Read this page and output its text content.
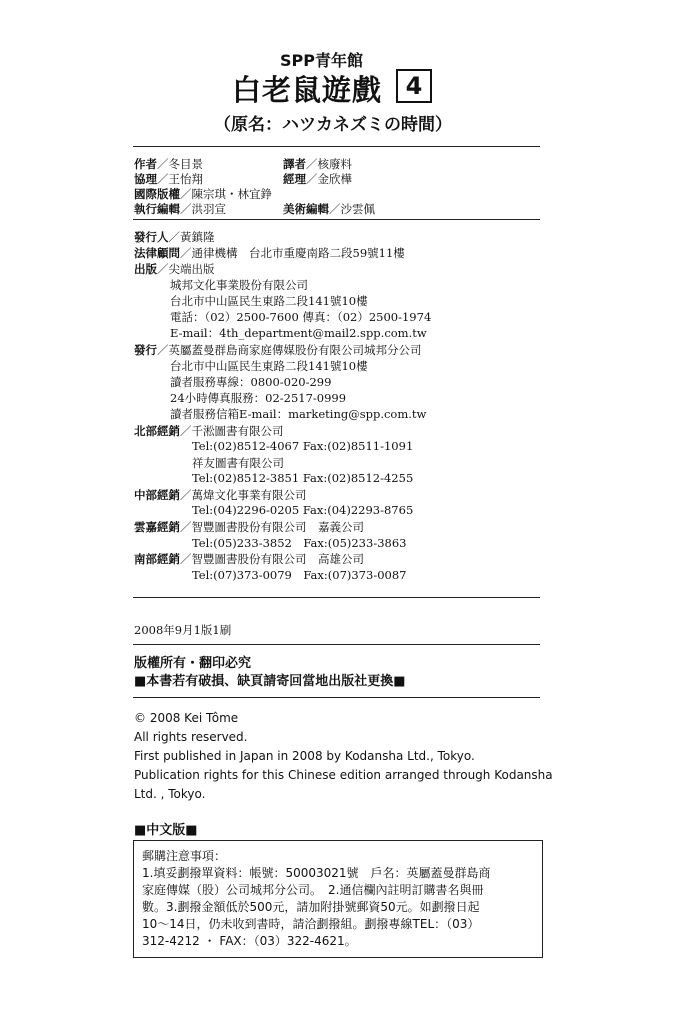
SPP青年館
白老鼠遊戲 4
（原名：ハツカネズミの時間）
作者／冬目景	譯者／核廢料
協理／王怡翔	經理／金欣樺
國際版權／陳宗琪・林宜錚
執行編輯／洪羽宣	美術編輯／沙雲佩
發行人／黃鎮隆
法律顧問／通律機構　台北市重慶南路二段59號11樓
出版／尖端出版
城邦文化事業股份有限公司
台北市中山區民生東路二段141號10樓
電話：（02）2500-7600 傳真：（02）2500-1974
E-mail：4th_department@mail2.spp.com.tw
發行／英屬蓋曼群島商家庭傳媒股份有限公司城邦分公司
台北市中山區民生東路二段141號10樓
讀者服務專線：0800-020-299
24小時傳真服務：02-2517-0999
讀者服務信箱E-mail：marketing@spp.com.tw
北部經銷／千淞圖書有限公司
Tel:(02)8512-4067 Fax:(02)8511-1091
祥友圖書有限公司
Tel:(02)8512-3851 Fax:(02)8512-4255
中部經銷／萬煒文化事業有限公司
Tel:(04)2296-0205 Fax:(04)2293-8765
雲嘉經銷／智豐圖書股份有限公司　嘉義公司
Tel:(05)233-3852　Fax:(05)233-3863
南部經銷／智豐圖書股份有限公司　高雄公司
Tel:(07)373-0079　Fax:(07)373-0087
2008年9月1版1刷
版權所有・翻印必究
■本書若有破損、缺頁請寄回當地出版社更換■
© 2008 Kei Tôme
All rights reserved.
First published in Japan in 2008 by Kodansha Ltd., Tokyo.
Publication rights for this Chinese edition arranged through Kodansha
Ltd. , Tokyo.
■中文版■
郵購注意事項：
1.填妥劃撥單資料：帳號：50003021號　戶名：英屬蓋曼群島商
家庭傳媒（股）公司城邦分公司。　2.通信欄內註明訂購書名與冊
數。3.劃撥金額低於500元，請加附掛號郵資50元。如劃撥日起
10～14日，仍未收到書時，請洽劃撥組。劃撥專線TEL：（03）
312-4212 ・ FAX：（03）322-4621。
